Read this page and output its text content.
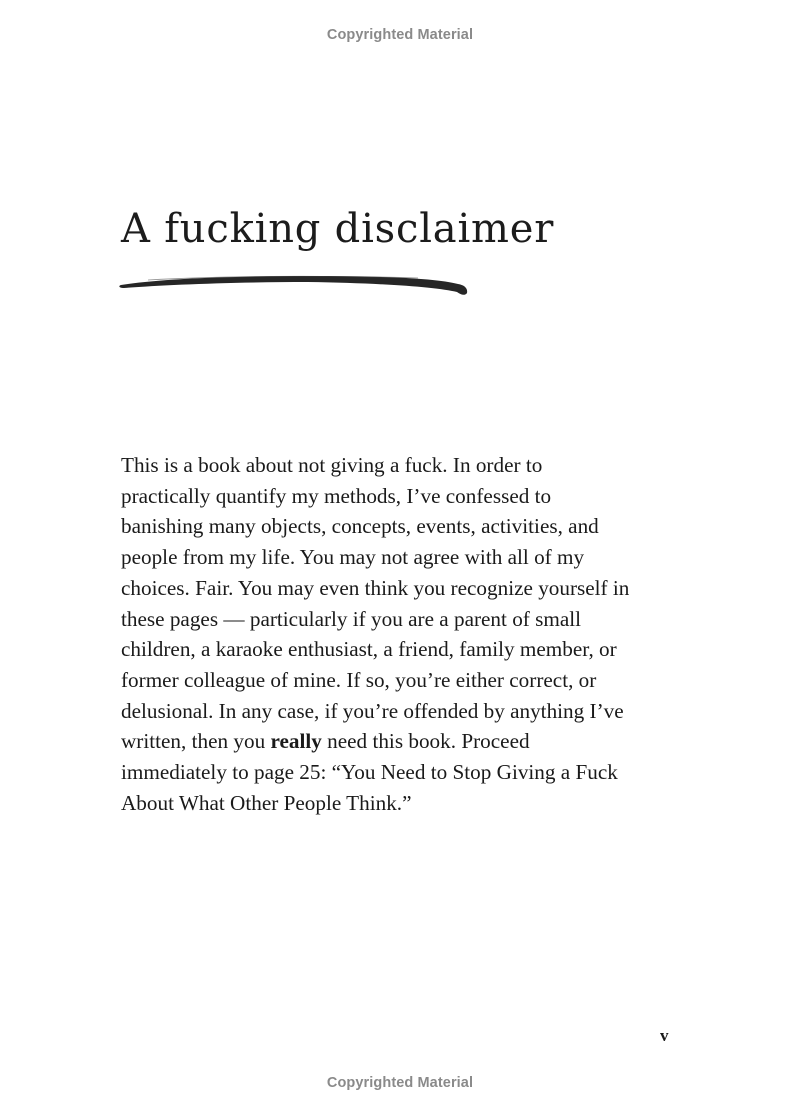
Copyrighted Material
A fucking disclaimer
This is a book about not giving a fuck. In order to
practically quantify my methods, I’ve confessed to
banishing many objects, concepts, events, activities, and
people from my life. You may not agree with all of my
choices. Fair. You may even think you recognize yourself in
these pages — particularly if you are a parent of small
children, a karaoke enthusiast, a friend, family member, or
former colleague of mine. If so, you’re either correct, or
delusional. In any case, if you’re offended by anything I’ve
written, then you really need this book. Proceed
immediately to page 25: “You Need to Stop Giving a Fuck
About What Other People Think.”
v
Copyrighted Material
